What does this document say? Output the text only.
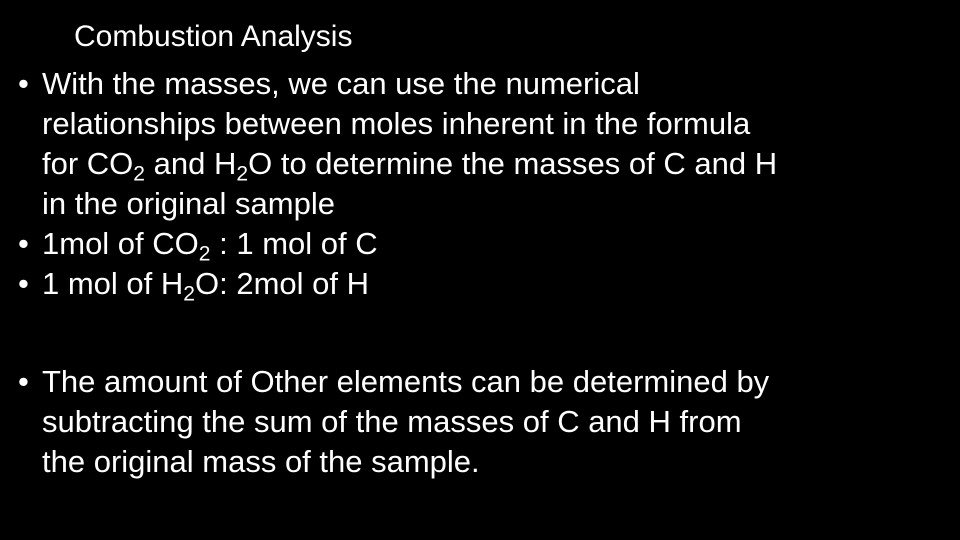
Combustion Analysis
• With the masses, we can use the numerical
relationships between moles inherent in the formula
for $CO_2$ and $H_2O$ to determine the masses of C and H
in the original sample
• 1mol of $CO_2$ : 1 mol of C
• 1 mol of $H_2O$: 2mol of H
• The amount of Other elements can be determined by
subtracting the sum of the masses of C and H from
the original mass of the sample.
